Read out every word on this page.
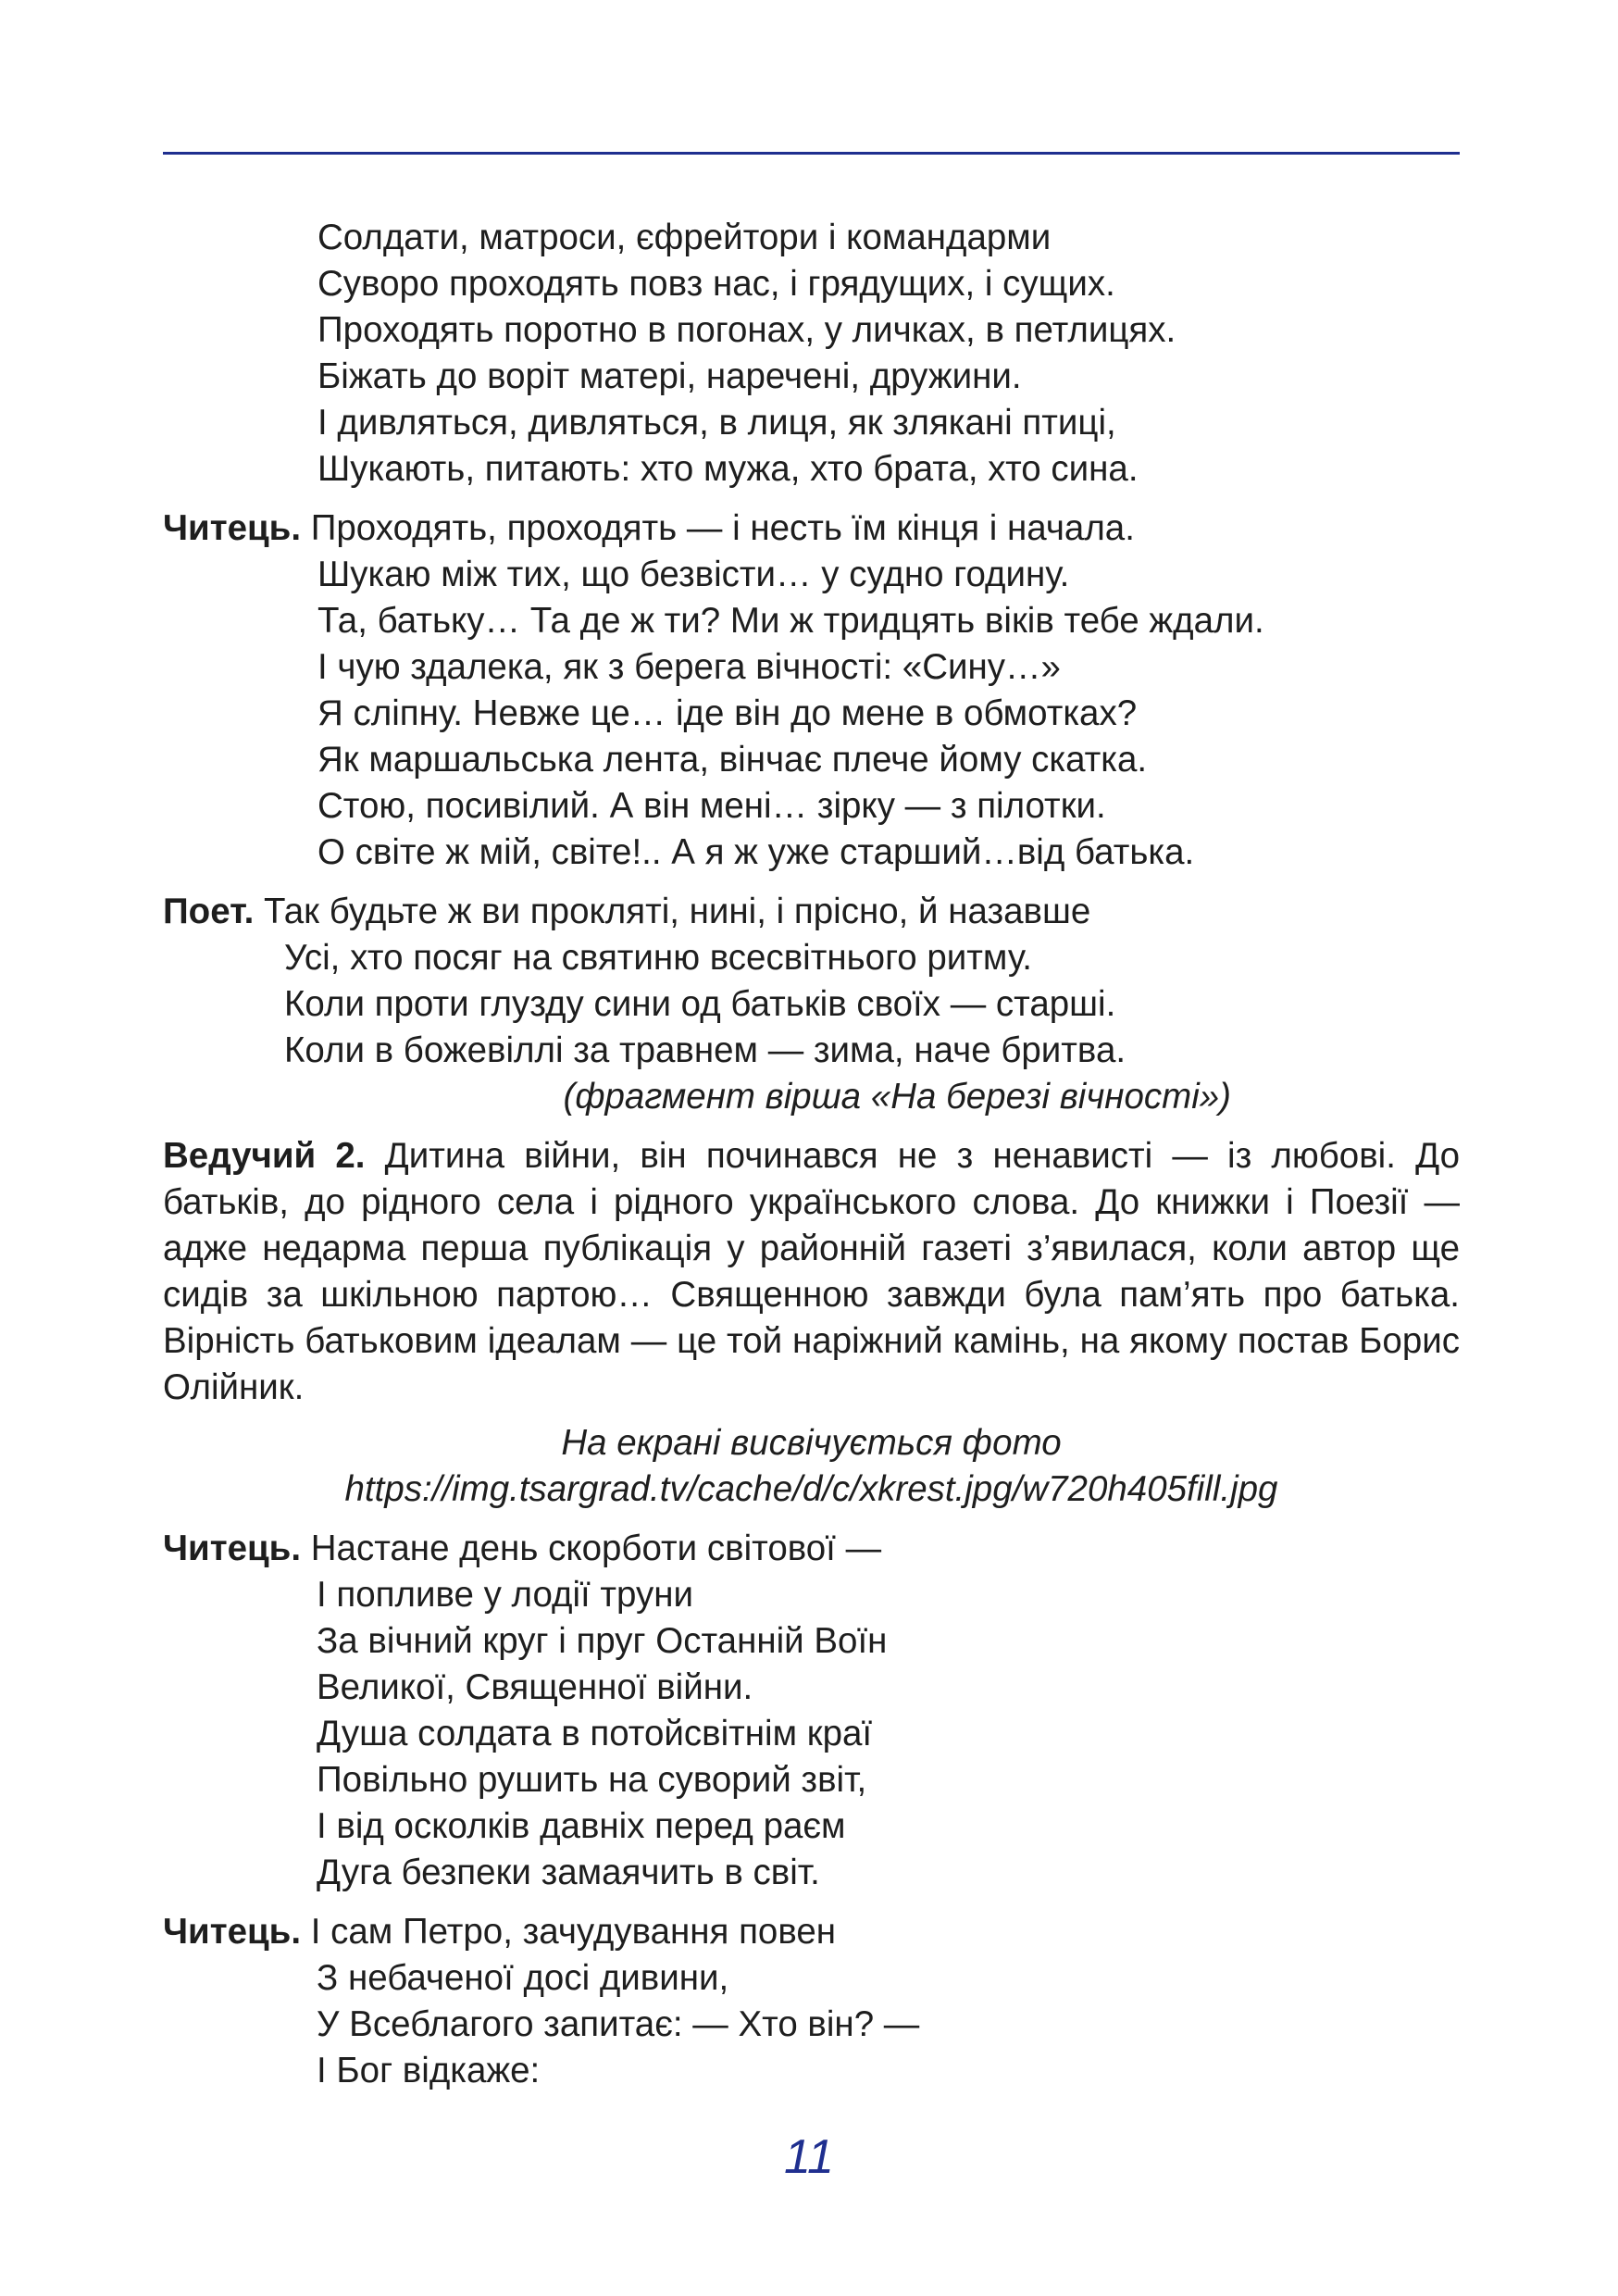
Солдати, матроси, єфрейтори і командарми
Суворо проходять повз нас, і грядущих, і сущих.
Проходять поротно в погонах, у личках, в петлицях.
Біжать до воріт матері, наречені, дружини.
І дивляться, дивляться, в лиця, як злякані птиці,
Шукають, питають: хто мужа, хто брата, хто сина.
Читець. Проходять, проходять — і несть їм кінця і начала.
Шукаю між тих, що безвісти… у судно годину.
Та, батьку… Та де ж ти? Ми ж тридцять віків тебе ждали.
І чую здалека, як з берега вічності: «Сину…»
Я сліпну. Невже це… іде він до мене в обмотках?
Як маршальська лента, вінчає плече йому скатка.
Стою, посивілий. А він мені… зірку — з пілотки.
О світе ж мій, світе!.. А я ж уже старший…від батька.
Поет. Так будьте ж ви прокляті, нині, і прісно, й назавше
Усі, хто посяг на святиню всесвітнього ритму.
Коли проти глузду сини од батьків своїх — старші.
Коли в божевіллі за травнем — зима, наче бритва.
(фрагмент вірша «На березі вічності»)
Ведучий 2. Дитина війни, він починався не з ненависті — із любові. До батьків, до рідного села і рідного українського слова. До книжки і Поезії — адже недарма перша публікація у районній газеті з’явилася, коли автор ще сидів за шкільною партою… Священною завжди була пам’ять про батька. Вірність батьковим ідеалам — це той наріжний камінь, на якому постав Борис Олійник.
На екрані висвічується фото
https://img.tsargrad.tv/cache/d/c/xkrest.jpg/w720h405fill.jpg
Читець. Настане день скорботи світової —
І попливе у лодії труни
За вічний круг і пруг Останній Воїн
Великої, Священної війни.
Душа солдата в потойсвітнім краї
Повільно рушить на суворий звіт,
І від осколків давніх перед раєм
Дуга безпеки замаячить в світ.
Читець. І сам Петро, зачудування повен
З небаченої досі дивини,
У Всеблагого запитає: — Хто він? —
І Бог відкаже:
11
